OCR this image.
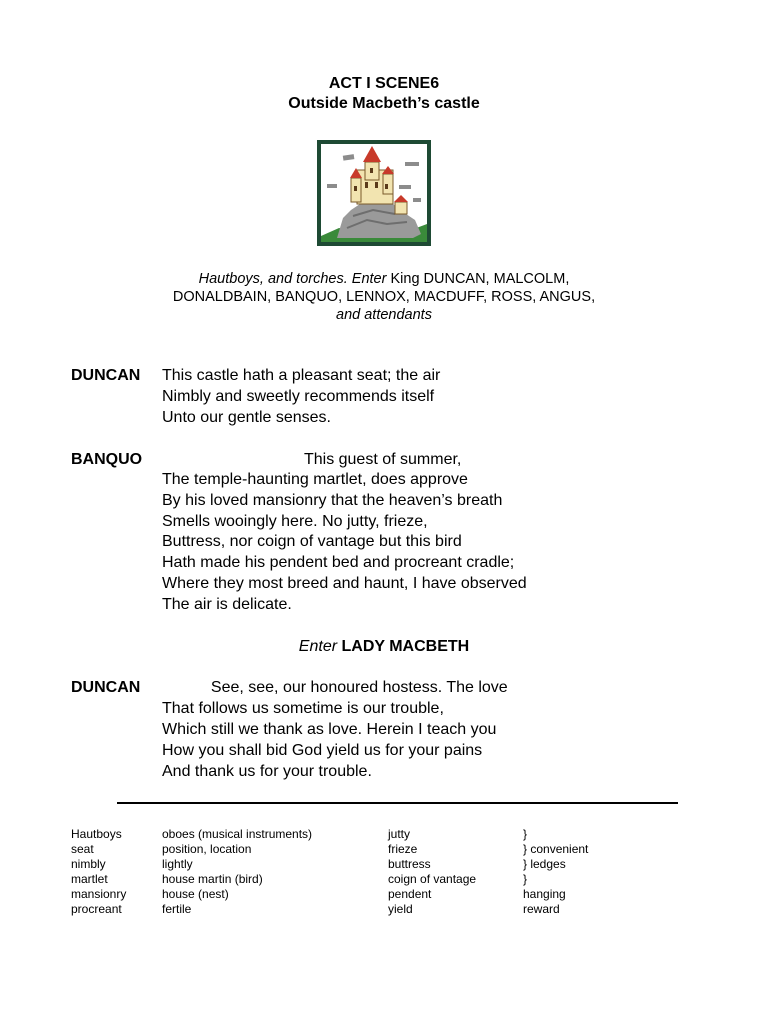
ACT I SCENE6
Outside Macbeth’s castle
Hautboys, and torches. Enter King DUNCAN, MALCOLM,
DONALDBAIN, BANQUO, LENNOX, MACDUFF, ROSS, ANGUS,
and attendants
DUNCAN This castle hath a pleasant seat; the air
Nimbly and sweetly recommends itself
Unto our gentle senses.
BANQUO This guest of summer,
The temple-haunting martlet, does approve
By his loved mansionry that the heaven’s breath
Smells wooingly here. No jutty, frieze,
Buttress, nor coign of vantage but this bird
Hath made his pendent bed and procreant cradle;
Where they most breed and haunt, I have observed
The air is delicate.
Enter LADY MACBETH
DUNCAN See, see, our honoured hostess. The love
That follows us sometime is our trouble,
Which still we thank as love. Herein I teach you
How you shall bid God yield us for your pains
And thank us for your trouble.
Hautboys
seat
nimbly
martlet
mansionry
procreant
oboes (musical instruments)
position, location
lightly
house martin (bird)
house (nest)
fertile
jutty
frieze
buttress
coign of vantage
pendent
yield
}
} convenient
} ledges
}
hanging
reward
